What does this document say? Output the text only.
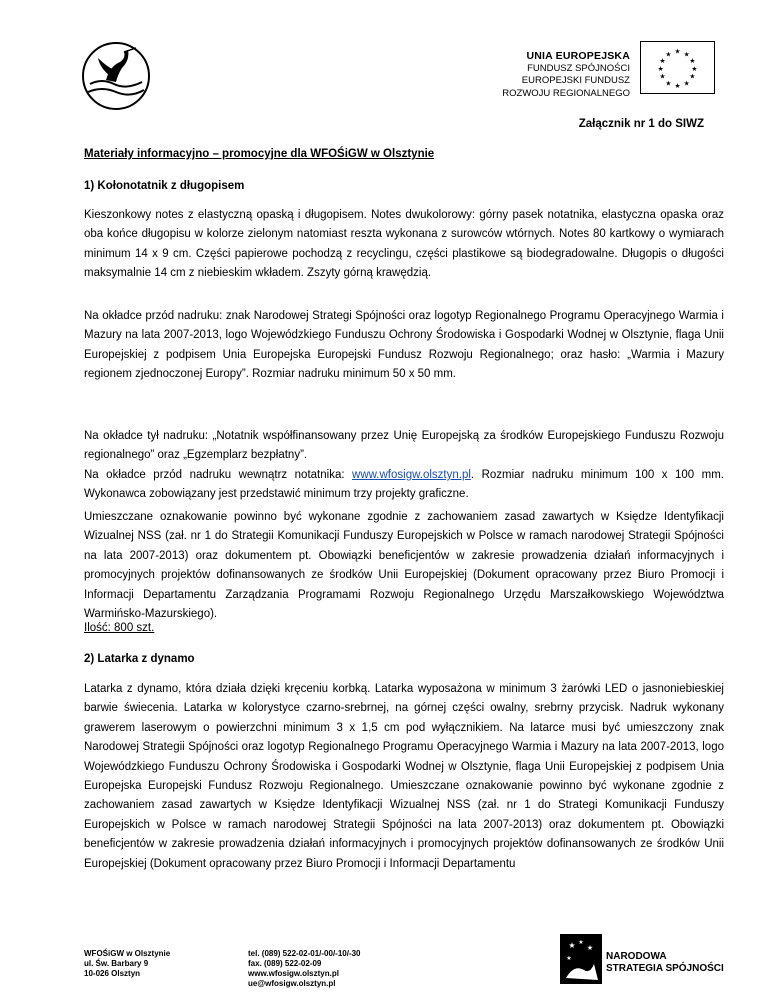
UNIA EUROPEJSKA
FUNDUSZ SPÓJNOŚCI
EUROPEJSKI FUNDUSZ
ROZWOJU REGIONALNEGO
★ ★
★
★
★
★
★
★
★
★
★
★
Załącznik nr 1 do SIWZ
Materiały informacyjno – promocyjne dla WFOŚiGW w Olsztynie
1) Kołonotatnik z długopisem
Kieszonkowy notes z elastyczną opaską i długopisem. Notes dwukolorowy: górny pasek notatnika, elastyczna opaska oraz oba końce długopisu w kolorze zielonym natomiast reszta wykonana z surowców wtórnych. Notes 80 kartkowy o wymiarach minimum 14 x 9 cm. Części papierowe pochodzą z recyclingu, części plastikowe są biodegradowalne. Długopis o długości maksymalnie 14 cm z niebieskim wkładem. Zszyty górną krawędzią.
Na okładce przód nadruku: znak Narodowej Strategi Spójności oraz logotyp Regionalnego Programu Operacyjnego Warmia i Mazury na lata 2007-2013, logo Wojewódzkiego Funduszu Ochrony Środowiska i Gospodarki Wodnej w Olsztynie, flaga Unii Europejskiej z podpisem Unia Europejska Europejski Fundusz Rozwoju Regionalnego; oraz hasło: „Warmia i Mazury regionem zjednoczonej Europy”. Rozmiar nadruku minimum 50 x 50 mm.
Na okładce tył nadruku: „Notatnik współfinansowany przez Unię Europejską za środków Europejskiego Funduszu Rozwoju regionalnego” oraz „Egzemplarz bezpłatny”.
Na okładce przód nadruku wewnątrz notatnika: www.wfosigw.olsztyn.pl. Rozmiar nadruku minimum 100 x 100 mm. Wykonawca zobowiązany jest przedstawić minimum trzy projekty graficzne.
Umieszczane oznakowanie powinno być wykonane zgodnie z zachowaniem zasad zawartych w Księdze Identyfikacji Wizualnej NSS (zał. nr 1 do Strategii Komunikacji Funduszy Europejskich w Polsce w ramach narodowej Strategii Spójności na lata 2007-2013) oraz dokumentem pt. Obowiązki beneficjentów w zakresie prowadzenia działań informacyjnych i promocyjnych projektów dofinansowanych ze środków Unii Europejskiej (Dokument opracowany przez Biuro Promocji i Informacji Departamentu Zarządzania Programami Rozwoju Regionalnego Urzędu Marszałkowskiego Województwa Warmińsko-Mazurskiego).
Ilość: 800 szt.
2) Latarka z dynamo
Latarka z dynamo, która działa dzięki kręceniu korbką. Latarka wyposażona w minimum 3 żarówki LED o jasnoniebieskiej barwie świecenia. Latarka w kolorystyce czarno-srebrnej, na górnej części owalny, srebrny przycisk. Nadruk wykonany grawerem laserowym o powierzchni minimum 3 x 1,5 cm pod wyłącznikiem. Na latarce musi być umieszczony znak Narodowej Strategii Spójności oraz logotyp Regionalnego Programu Operacyjnego Warmia i Mazury na lata 2007-2013, logo Wojewódzkiego Funduszu Ochrony Środowiska i Gospodarki Wodnej w Olsztynie, flaga Unii Europejskiej z podpisem Unia Europejska Europejski Fundusz Rozwoju Regionalnego. Umieszczane oznakowanie powinno być wykonane zgodnie z zachowaniem zasad zawartych w Księdze Identyfikacji Wizualnej NSS (zał. nr 1 do Strategi Komunikacji Funduszy Europejskich w Polsce w ramach narodowej Strategii Spójności na lata 2007-2013) oraz dokumentem pt. Obowiązki beneficjentów w zakresie prowadzenia działań informacyjnych i promocyjnych projektów dofinansowanych ze środków Unii Europejskiej (Dokument opracowany przez Biuro Promocji i Informacji Departamentu
WFOŚiGW w Olsztynie
ul. Św. Barbary 9
10-026 Olsztyn
tel. (089) 522-02-01/-00/-10/-30
fax. (089) 522-02-09
www.wfosigw.olsztyn.pl
ue@wfosigw.olsztyn.pl
★ ★
★
★	NARODOWA
STRATEGIA SPÓJNOŚCI
